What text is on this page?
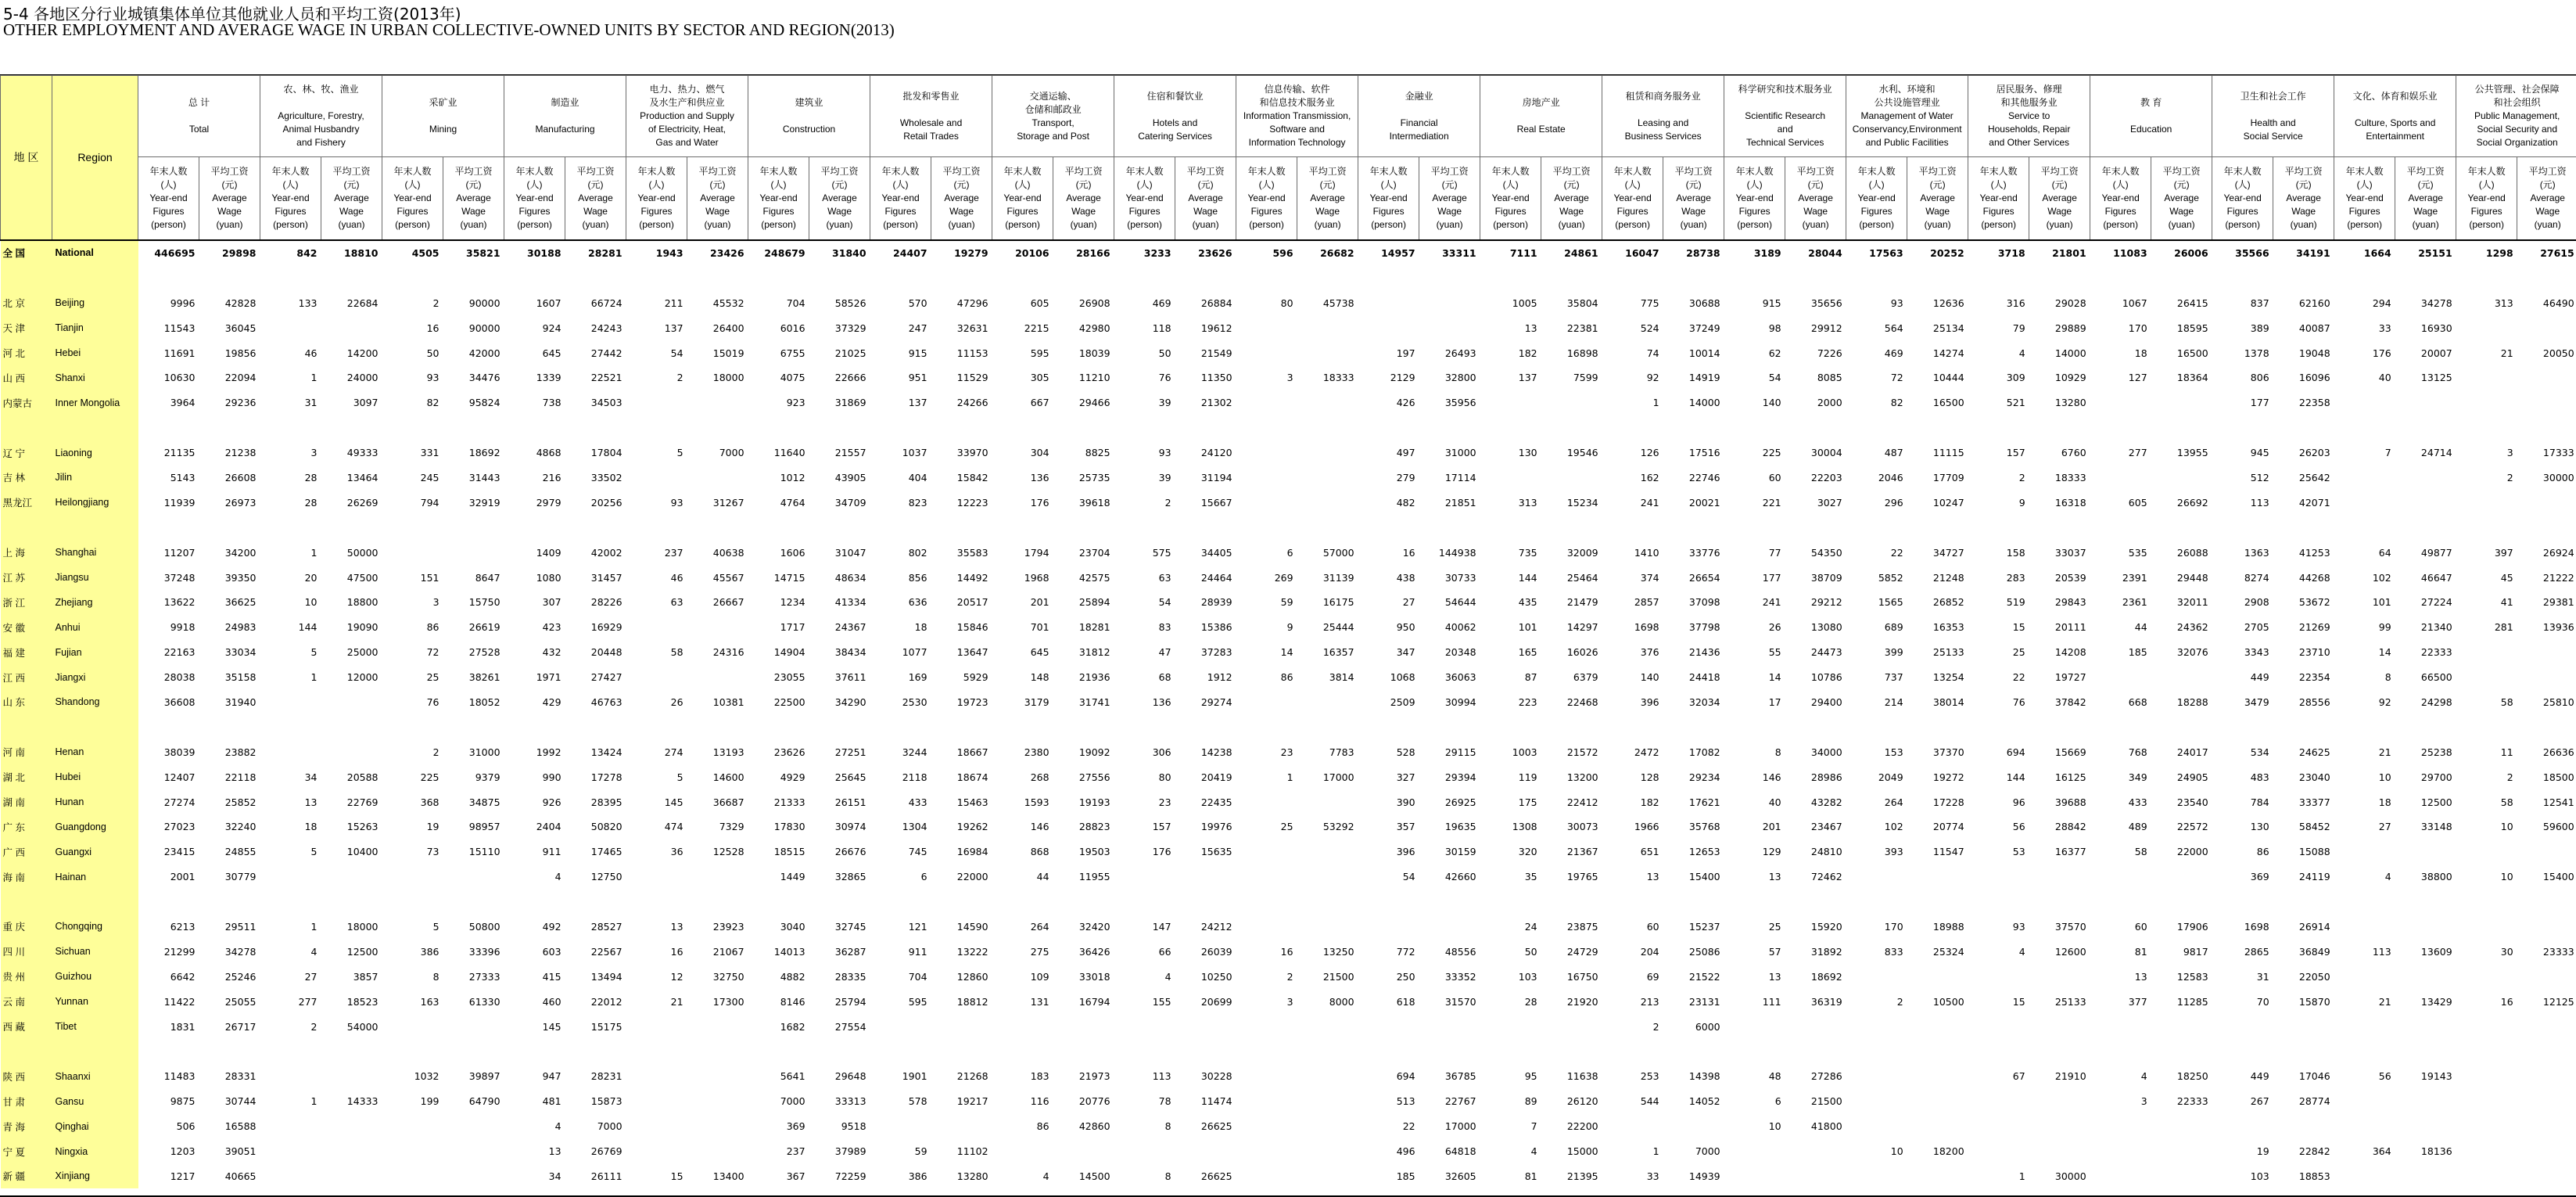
5-4 各地区分行业城镇集体单位其他就业人员和平均工资(2013年)
OTHER EMPLOYMENT AND AVERAGE WAGE IN URBAN COLLECTIVE-OWNED UNITS BY SECTOR AND REGION(2013)
地 区	Region	总 计

Total		农、林、牧、渔业

Agriculture, Forestry,
Animal Husbandry
and Fishery		采矿业

Mining		制造业

Manufacturing		电力、热力、燃气
及水生产和供应业
Production and Supply
of Electricity, Heat,
Gas and Water		建筑业

Construction		批发和零售业

Wholesale and
Retail Trades		交通运输、
仓储和邮政业
Transport,
Storage and Post		住宿和餐饮业

Hotels and
Catering Services		信息传输、软件
和信息技术服务业
Information Transmission,
Software and
Information Technology		金融业

Financial
Intermediation		房地产业

Real Estate		租赁和商务服务业

Leasing and
Business Services		科学研究和技术服务业

Scientific Research
and
Technical Services		水利、环境和
公共设施管理业
Management of Water
Conservancy,Environment
and Public Facilities		居民服务、修理
和其他服务业
Service to
Households, Repair
and Other Services		教 育

Education		卫生和社会工作

Health and
Social Service		文化、体育和娱乐业

Culture, Sports and
Entertainment		公共管理、社会保障
和社会组织
Public Management,
Social Security and
Social Organization	
		年末人数
(人)
Year-end
Figures
(person)	平均工资
(元)
Average
Wage
(yuan)	年末人数
(人)
Year-end
Figures
(person)	平均工资
(元)
Average
Wage
(yuan)	年末人数
(人)
Year-end
Figures
(person)	平均工资
(元)
Average
Wage
(yuan)	年末人数
(人)
Year-end
Figures
(person)	平均工资
(元)
Average
Wage
(yuan)	年末人数
(人)
Year-end
Figures
(person)	平均工资
(元)
Average
Wage
(yuan)	年末人数
(人)
Year-end
Figures
(person)	平均工资
(元)
Average
Wage
(yuan)	年末人数
(人)
Year-end
Figures
(person)	平均工资
(元)
Average
Wage
(yuan)	年末人数
(人)
Year-end
Figures
(person)	平均工资
(元)
Average
Wage
(yuan)	年末人数
(人)
Year-end
Figures
(person)	平均工资
(元)
Average
Wage
(yuan)	年末人数
(人)
Year-end
Figures
(person)	平均工资
(元)
Average
Wage
(yuan)	年末人数
(人)
Year-end
Figures
(person)	平均工资
(元)
Average
Wage
(yuan)	年末人数
(人)
Year-end
Figures
(person)	平均工资
(元)
Average
Wage
(yuan)	年末人数
(人)
Year-end
Figures
(person)	平均工资
(元)
Average
Wage
(yuan)	年末人数
(人)
Year-end
Figures
(person)	平均工资
(元)
Average
Wage
(yuan)	年末人数
(人)
Year-end
Figures
(person)	平均工资
(元)
Average
Wage
(yuan)	年末人数
(人)
Year-end
Figures
(person)	平均工资
(元)
Average
Wage
(yuan)	年末人数
(人)
Year-end
Figures
(person)	平均工资
(元)
Average
Wage
(yuan)	年末人数
(人)
Year-end
Figures
(person)	平均工资
(元)
Average
Wage
(yuan)	年末人数
(人)
Year-end
Figures
(person)	平均工资
(元)
Average
Wage
(yuan)	年末人数
(人)
Year-end
Figures
(person)	平均工资
(元)
Average
Wage
(yuan)
全 国	National	446695	29898	842	18810	4505	35821	30188	28281	1943	23426	248679	31840	24407	19279	20106	28166	3233	23626	596	26682	14957	33311	7111	24861	16047	28738	3189	28044	17563	20252	3718	21801	11083	26006	35566	34191	1664	25151	1298	27615

北 京	Beijing	9996	42828	133	22684	2	90000	1607	66724	211	45532	704	58526	570	47296	605	26908	469	26884	80	45738			1005	35804	775	30688	915	35656	93	12636	316	29028	1067	26415	837	62160	294	34278	313	46490
天 津	Tianjin	11543	36045			16	90000	924	24243	137	26400	6016	37329	247	32631	2215	42980	118	19612					13	22381	524	37249	98	29912	564	25134	79	29889	170	18595	389	40087	33	16930		
河 北	Hebei	11691	19856	46	14200	50	42000	645	27442	54	15019	6755	21025	915	11153	595	18039	50	21549			197	26493	182	16898	74	10014	62	7226	469	14274	4	14000	18	16500	1378	19048	176	20007	21	20050
山 西	Shanxi	10630	22094	1	24000	93	34476	1339	22521	2	18000	4075	22666	951	11529	305	11210	76	11350	3	18333	2129	32800	137	7599	92	14919	54	8085	72	10444	309	10929	127	18364	806	16096	40	13125		
内蒙古	Inner Mongolia	3964	29236	31	3097	82	95824	738	34503			923	31869	137	24266	667	29466	39	21302			426	35956			1	14000	140	2000	82	16500	521	13280			177	22358				

辽 宁	Liaoning	21135	21238	3	49333	331	18692	4868	17804	5	7000	11640	21557	1037	33970	304	8825	93	24120			497	31000	130	19546	126	17516	225	30004	487	11115	157	6760	277	13955	945	26203	7	24714	3	17333
吉 林	Jilin	5143	26608	28	13464	245	31443	216	33502			1012	43905	404	15842	136	25735	39	31194			279	17114			162	22746	60	22203	2046	17709	2	18333			512	25642			2	30000
黑龙江	Heilongjiang	11939	26973	28	26269	794	32919	2979	20256	93	31267	4764	34709	823	12223	176	39618	2	15667			482	21851	313	15234	241	20021	221	3027	296	10247	9	16318	605	26692	113	42071				

上 海	Shanghai	11207	34200	1	50000			1409	42002	237	40638	1606	31047	802	35583	1794	23704	575	34405	6	57000	16	144938	735	32009	1410	33776	77	54350	22	34727	158	33037	535	26088	1363	41253	64	49877	397	26924
江 苏	Jiangsu	37248	39350	20	47500	151	8647	1080	31457	46	45567	14715	48634	856	14492	1968	42575	63	24464	269	31139	438	30733	144	25464	374	26654	177	38709	5852	21248	283	20539	2391	29448	8274	44268	102	46647	45	21222
浙 江	Zhejiang	13622	36625	10	18800	3	15750	307	28226	63	26667	1234	41334	636	20517	201	25894	54	28939	59	16175	27	54644	435	21479	2857	37098	241	29212	1565	26852	519	29843	2361	32011	2908	53672	101	27224	41	29381
安 徽	Anhui	9918	24983	144	19090	86	26619	423	16929			1717	24367	18	15846	701	18281	83	15386	9	25444	950	40062	101	14297	1698	37798	26	13080	689	16353	15	20111	44	24362	2705	21269	99	21340	281	13936
福 建	Fujian	22163	33034	5	25000	72	27528	432	20448	58	24316	14904	38434	1077	13647	645	31812	47	37283	14	16357	347	20348	165	16026	376	21436	55	24473	399	25133	25	14208	185	32076	3343	23710	14	22333		
江 西	Jiangxi	28038	35158	1	12000	25	38261	1971	27427			23055	37611	169	5929	148	21936	68	1912	86	3814	1068	36063	87	6379	140	24418	14	10786	737	13254	22	19727			449	22354	8	66500		
山 东	Shandong	36608	31940			76	18052	429	46763	26	10381	22500	34290	2530	19723	3179	31741	136	29274			2509	30994	223	22468	396	32034	17	29400	214	38014	76	37842	668	18288	3479	28556	92	24298	58	25810

河 南	Henan	38039	23882			2	31000	1992	13424	274	13193	23626	27251	3244	18667	2380	19092	306	14238	23	7783	528	29115	1003	21572	2472	17082	8	34000	153	37370	694	15669	768	24017	534	24625	21	25238	11	26636
湖 北	Hubei	12407	22118	34	20588	225	9379	990	17278	5	14600	4929	25645	2118	18674	268	27556	80	20419	1	17000	327	29394	119	13200	128	29234	146	28986	2049	19272	144	16125	349	24905	483	23040	10	29700	2	18500
湖 南	Hunan	27274	25852	13	22769	368	34875	926	28395	145	36687	21333	26151	433	15463	1593	19193	23	22435			390	26925	175	22412	182	17621	40	43282	264	17228	96	39688	433	23540	784	33377	18	12500	58	12541
广 东	Guangdong	27023	32240	18	15263	19	98957	2404	50820	474	7329	17830	30974	1304	19262	146	28823	157	19976	25	53292	357	19635	1308	30073	1966	35768	201	23467	102	20774	56	28842	489	22572	130	58452	27	33148	10	59600
广 西	Guangxi	23415	24855	5	10400	73	15110	911	17465	36	12528	18515	26676	745	16984	868	19503	176	15635			396	30159	320	21367	651	12653	129	24810	393	11547	53	16377	58	22000	86	15088				
海 南	Hainan	2001	30779					4	12750			1449	32865	6	22000	44	11955					54	42660	35	19765	13	15400	13	72462							369	24119	4	38800	10	15400

重 庆	Chongqing	6213	29511	1	18000	5	50800	492	28527	13	23923	3040	32745	121	14590	264	32420	147	24212					24	23875	60	15237	25	15920	170	18988	93	37570	60	17906	1698	26914				
四 川	Sichuan	21299	34278	4	12500	386	33396	603	22567	16	21067	14013	36287	911	13222	275	36426	66	26039	16	13250	772	48556	50	24729	204	25086	57	31892	833	25324	4	12600	81	9817	2865	36849	113	13609	30	23333
贵 州	Guizhou	6642	25246	27	3857	8	27333	415	13494	12	32750	4882	28335	704	12860	109	33018	4	10250	2	21500	250	33352	103	16750	69	21522	13	18692					13	12583	31	22050				
云 南	Yunnan	11422	25055	277	18523	163	61330	460	22012	21	17300	8146	25794	595	18812	131	16794	155	20699	3	8000	618	31570	28	21920	213	23131	111	36319	2	10500	15	25133	377	11285	70	15870	21	13429	16	12125
西 藏	Tibet	1831	26717	2	54000			145	15175			1682	27554													2	6000														

陕 西	Shaanxi	11483	28331			1032	39897	947	28231			5641	29648	1901	21268	183	21973	113	30228			694	36785	95	11638	253	14398	48	27286			67	21910	4	18250	449	17046	56	19143		
甘 肃	Gansu	9875	30744	1	14333	199	64790	481	15873			7000	33313	578	19217	116	20776	78	11474			513	22767	89	26120	544	14052	6	21500					3	22333	267	28774				
青 海	Qinghai	506	16588					4	7000			369	9518			86	42860	8	26625			22	17000	7	22200			10	41800												
宁 夏	Ningxia	1203	39051					13	26769			237	37989	59	11102							496	64818	4	15000	1	7000			10	18200					19	22842	364	18136		
新 疆	Xinjiang	1217	40665					34	26111	15	13400	367	72259	386	13280	4	14500	8	26625			185	32605	81	21395	33	14939					1	30000			103	18853				
